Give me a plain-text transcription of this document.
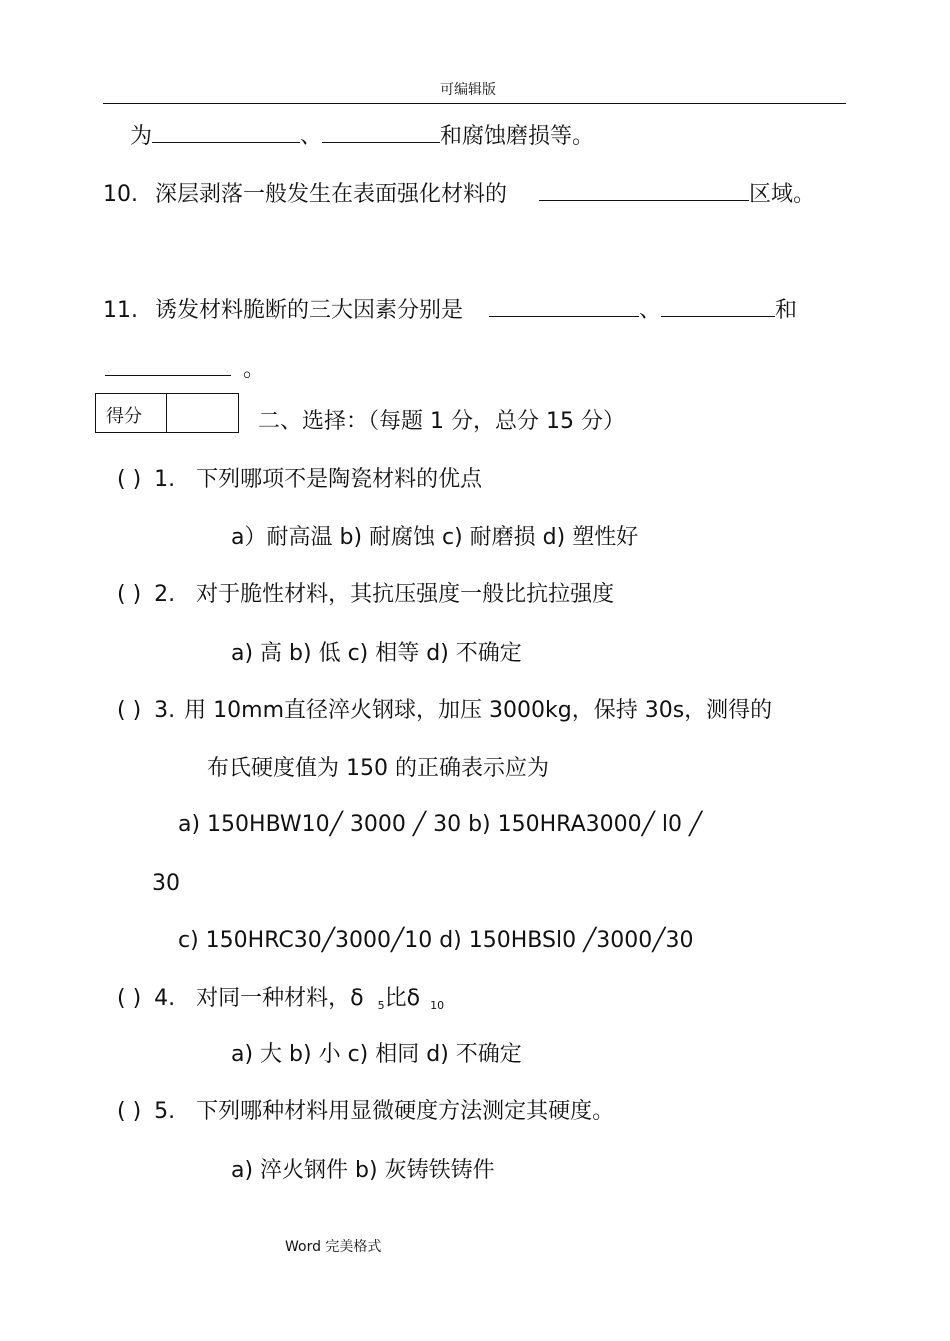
可编辑版
为	、	和腐蚀磨损等。
10. 深层剥落一般发生在表面强化材料的	区域。
11. 诱发材料脆断的三大因素分别是	、	和
。
得分	二、选择：（每题 1 分，总分 15 分）
( ) 1. 下列哪项不是陶瓷材料的优点
a）耐高温 b) 耐腐蚀 c) 耐磨损 d) 塑性好
( ) 2. 对于脆性材料，其抗压强度一般比抗拉强度
a) 高 b) 低 c) 相等 d) 不确定
( ) 3. 用 10mm直径淬火钢球，加压 3000kg，保持 30s，测得的
布氏硬度值为 150 的正确表示应为
a) 150HBW10╱ 3000 ╱ 30 b) 150HRA3000╱ l0 ╱
30
c) 150HRC30╱3000╱10 d) 150HBSl0 ╱3000╱30
( ) 4. 对同一种材料，δ $_5$比δ $_{10}$
a) 大 b) 小 c) 相同 d) 不确定
( ) 5. 下列哪种材料用显微硬度方法测定其硬度。
a) 淬火钢件 b) 灰铸铁铸件
Word 完美格式
